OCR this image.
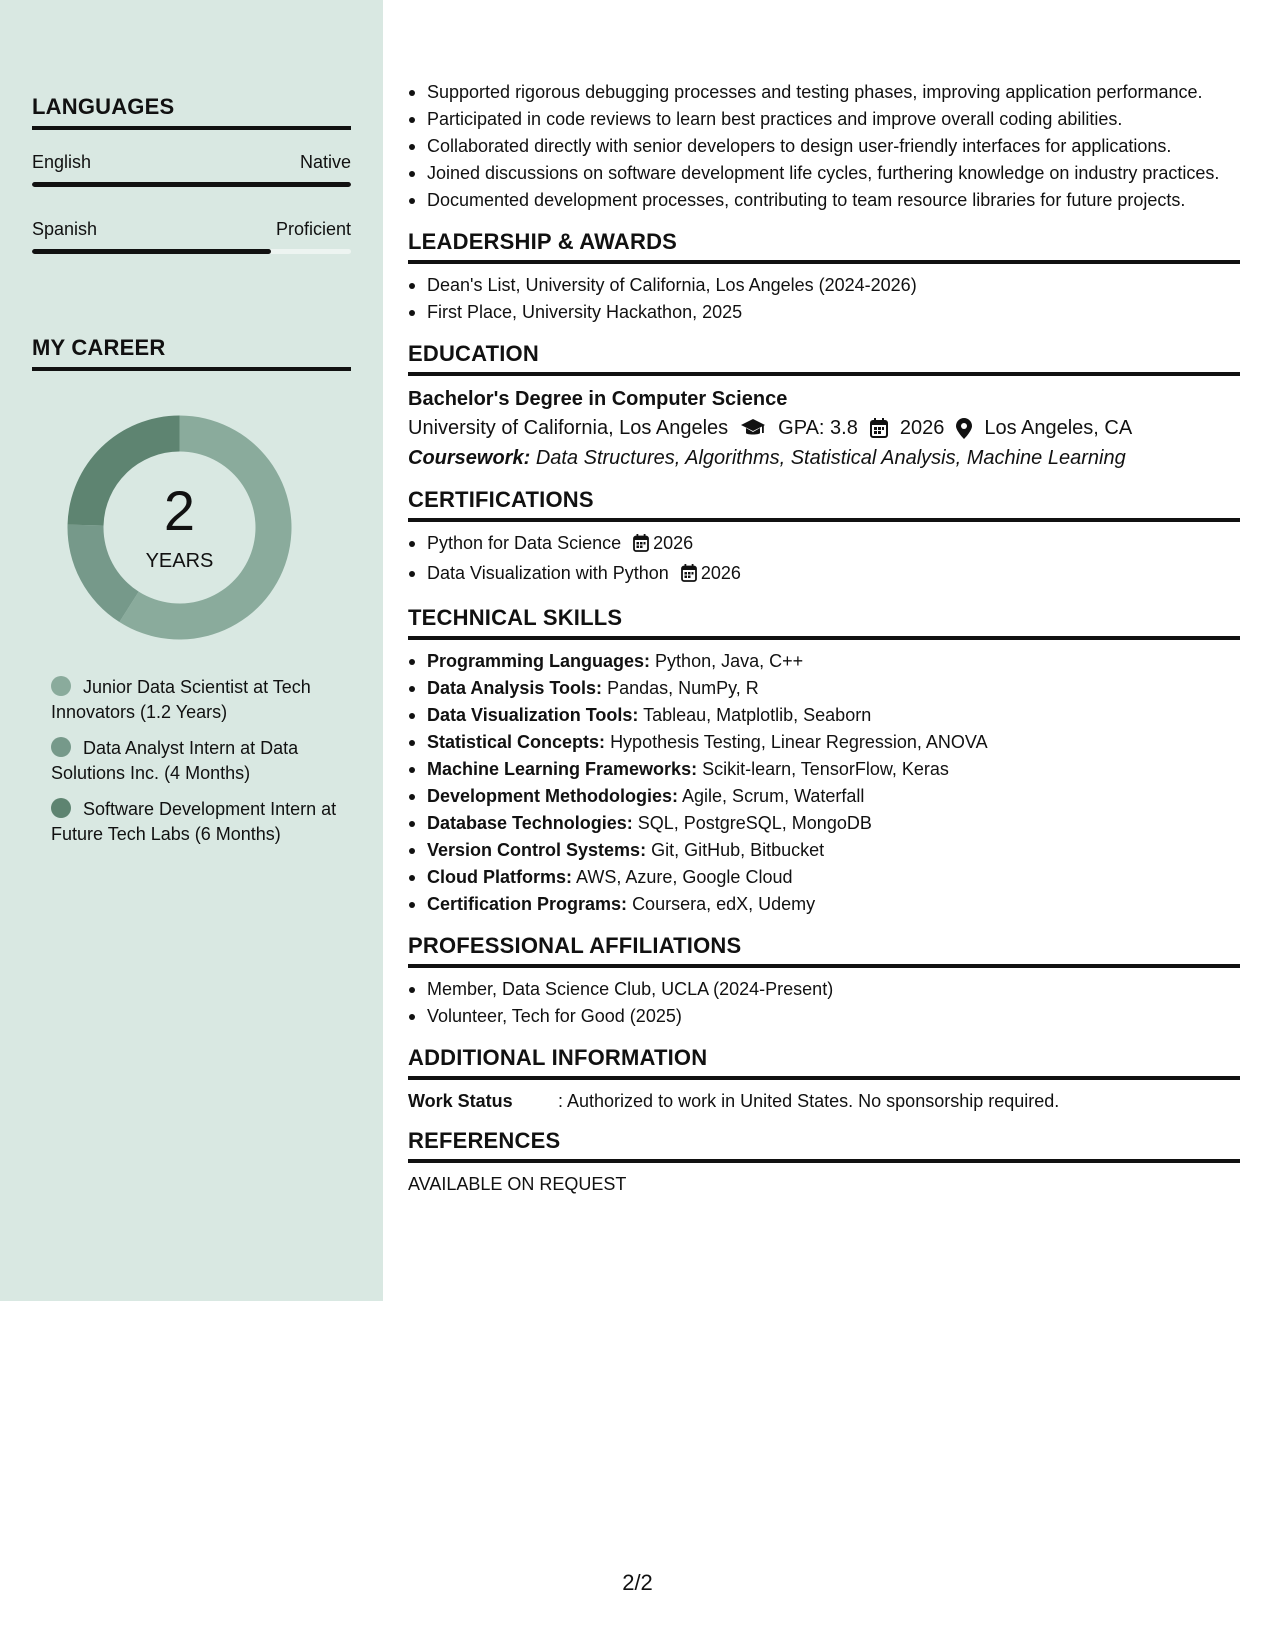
LANGUAGES
English	Native
Spanish	Proficient
MY CAREER
2
YEARS
Junior Data Scientist at Tech Innovators (1.2 Years)
Data Analyst Intern at Data Solutions Inc. (4 Months)
Software Development Intern at Future Tech Labs (6 Months)
Supported rigorous debugging processes and testing phases, improving application performance.
Participated in code reviews to learn best practices and improve overall coding abilities.
Collaborated directly with senior developers to design user-friendly interfaces for applications.
Joined discussions on software development life cycles, furthering knowledge on industry practices.
Documented development processes, contributing to team resource libraries for future projects.
LEADERSHIP & AWARDS
Dean's List, University of California, Los Angeles (2024-2026)
First Place, University Hackathon, 2025
EDUCATION
Bachelor's Degree in Computer Science
University of California, Los Angeles	GPA: 3.8 2026 Los Angeles, CA
Coursework: Data Structures, Algorithms, Statistical Analysis, Machine Learning
CERTIFICATIONS
Python for Data Science 2026
Data Visualization with Python 2026
TECHNICAL SKILLS
Programming Languages: Python, Java, C++
Data Analysis Tools: Pandas, NumPy, R
Data Visualization Tools: Tableau, Matplotlib, Seaborn
Statistical Concepts: Hypothesis Testing, Linear Regression, ANOVA
Machine Learning Frameworks: Scikit-learn, TensorFlow, Keras
Development Methodologies: Agile, Scrum, Waterfall
Database Technologies: SQL, PostgreSQL, MongoDB
Version Control Systems: Git, GitHub, Bitbucket
Cloud Platforms: AWS, Azure, Google Cloud
Certification Programs: Coursera, edX, Udemy
PROFESSIONAL AFFILIATIONS
Member, Data Science Club, UCLA (2024-Present)
Volunteer, Tech for Good (2025)
ADDITIONAL INFORMATION
Work Status	: Authorized to work in United States. No sponsorship required.
REFERENCES
AVAILABLE ON REQUEST
2/2
